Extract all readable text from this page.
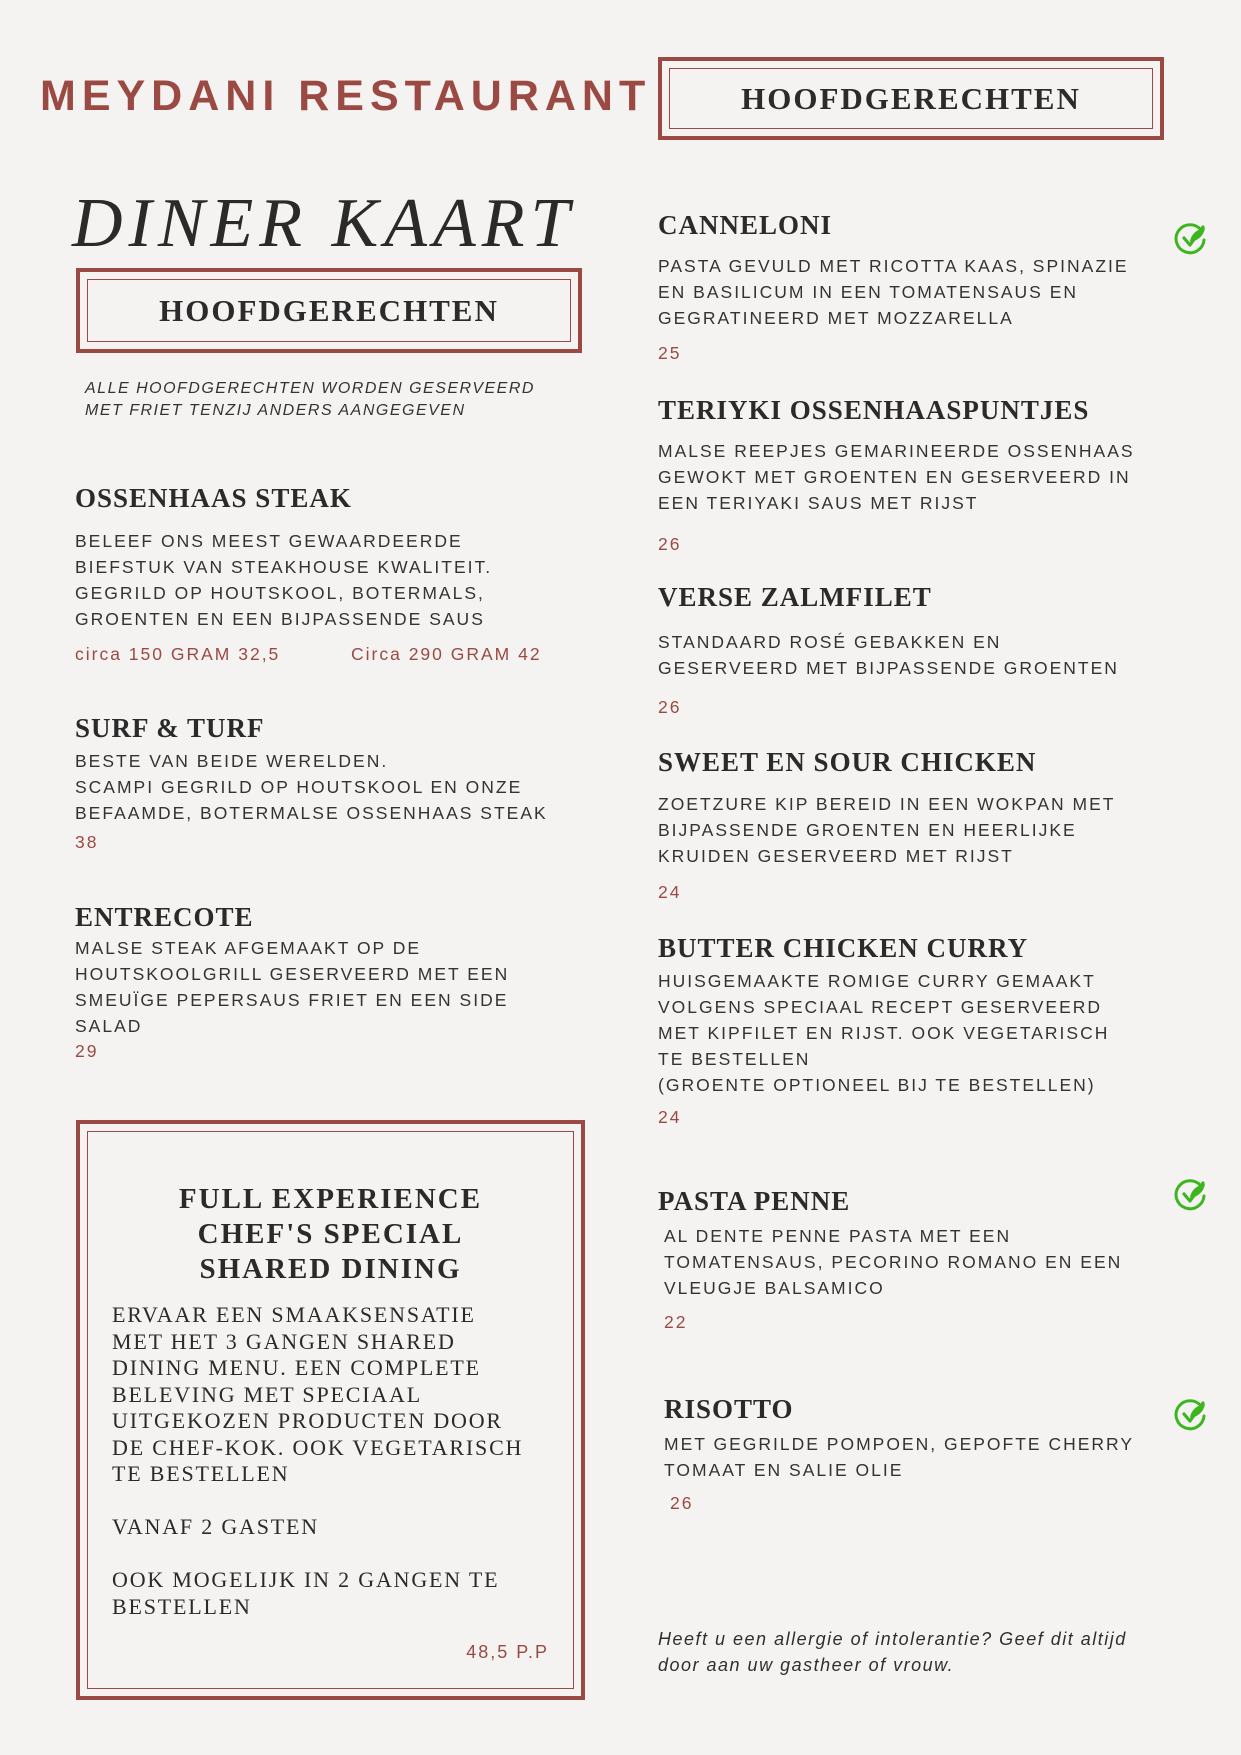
MEYDANI RESTAURANT	HOOFDGERECHTEN
DINER KAART
HOOFDGERECHTEN
ALLE HOOFDGERECHTEN WORDEN GESERVEERD
MET FRIET TENZIJ ANDERS AANGEGEVEN
OSSENHAAS STEAK
BELEEF ONS MEEST GEWAARDEERDE
BIEFSTUK VAN STEAKHOUSE KWALITEIT.
GEGRILD OP HOUTSKOOL, BOTERMALS,
GROENTEN EN EEN BIJPASSENDE SAUS
circa 150 GRAM 32,5	Circa 290 GRAM 42
SURF & TURF
BESTE VAN BEIDE WERELDEN.
SCAMPI GEGRILD OP HOUTSKOOL EN ONZE
BEFAAMDE, BOTERMALSE OSSENHAAS STEAK
38
ENTRECOTE
MALSE STEAK AFGEMAAKT OP DE
HOUTSKOOLGRILL GESERVEERD MET EEN
SMEUÏGE PEPERSAUS FRIET EN EEN SIDE
SALAD
29
FULL EXPERIENCE
CHEF'S SPECIAL
SHARED DINING
ERVAAR EEN SMAAKSENSATIE
MET HET 3 GANGEN SHARED
DINING MENU. EEN COMPLETE
BELEVING MET SPECIAAL
UITGEKOZEN PRODUCTEN DOOR
DE CHEF-KOK. OOK VEGETARISCH
TE BESTELLEN

VANAF 2 GASTEN

OOK MOGELIJK IN 2 GANGEN TE
BESTELLEN
48,5 P.P
CANNELONI
PASTA GEVULD MET RICOTTA KAAS, SPINAZIE
EN BASILICUM IN EEN TOMATENSAUS EN
GEGRATINEERD MET MOZZARELLA
25
TERIYKI OSSENHAASPUNTJES
MALSE REEPJES GEMARINEERDE OSSENHAAS
GEWOKT MET GROENTEN EN GESERVEERD IN
EEN TERIYAKI SAUS MET RIJST
26
VERSE ZALMFILET
STANDAARD ROSÉ GEBAKKEN EN
GESERVEERD MET BIJPASSENDE GROENTEN
26
SWEET EN SOUR CHICKEN
ZOETZURE KIP BEREID IN EEN WOKPAN MET
BIJPASSENDE GROENTEN EN HEERLIJKE
KRUIDEN GESERVEERD MET RIJST
24
BUTTER CHICKEN CURRY
HUISGEMAAKTE ROMIGE CURRY GEMAAKT
VOLGENS SPECIAAL RECEPT GESERVEERD
MET KIPFILET EN RIJST. OOK VEGETARISCH
TE BESTELLEN
(GROENTE OPTIONEEL BIJ TE BESTELLEN)
24
PASTA PENNE
AL DENTE PENNE PASTA MET EEN
TOMATENSAUS, PECORINO ROMANO EN EEN
VLEUGJE BALSAMICO
22
RISOTTO
MET GEGRILDE POMPOEN, GEPOFTE CHERRY
TOMAAT EN SALIE OLIE
26
Heeft u een allergie of intolerantie? Geef dit altijd
door aan uw gastheer of vrouw.
